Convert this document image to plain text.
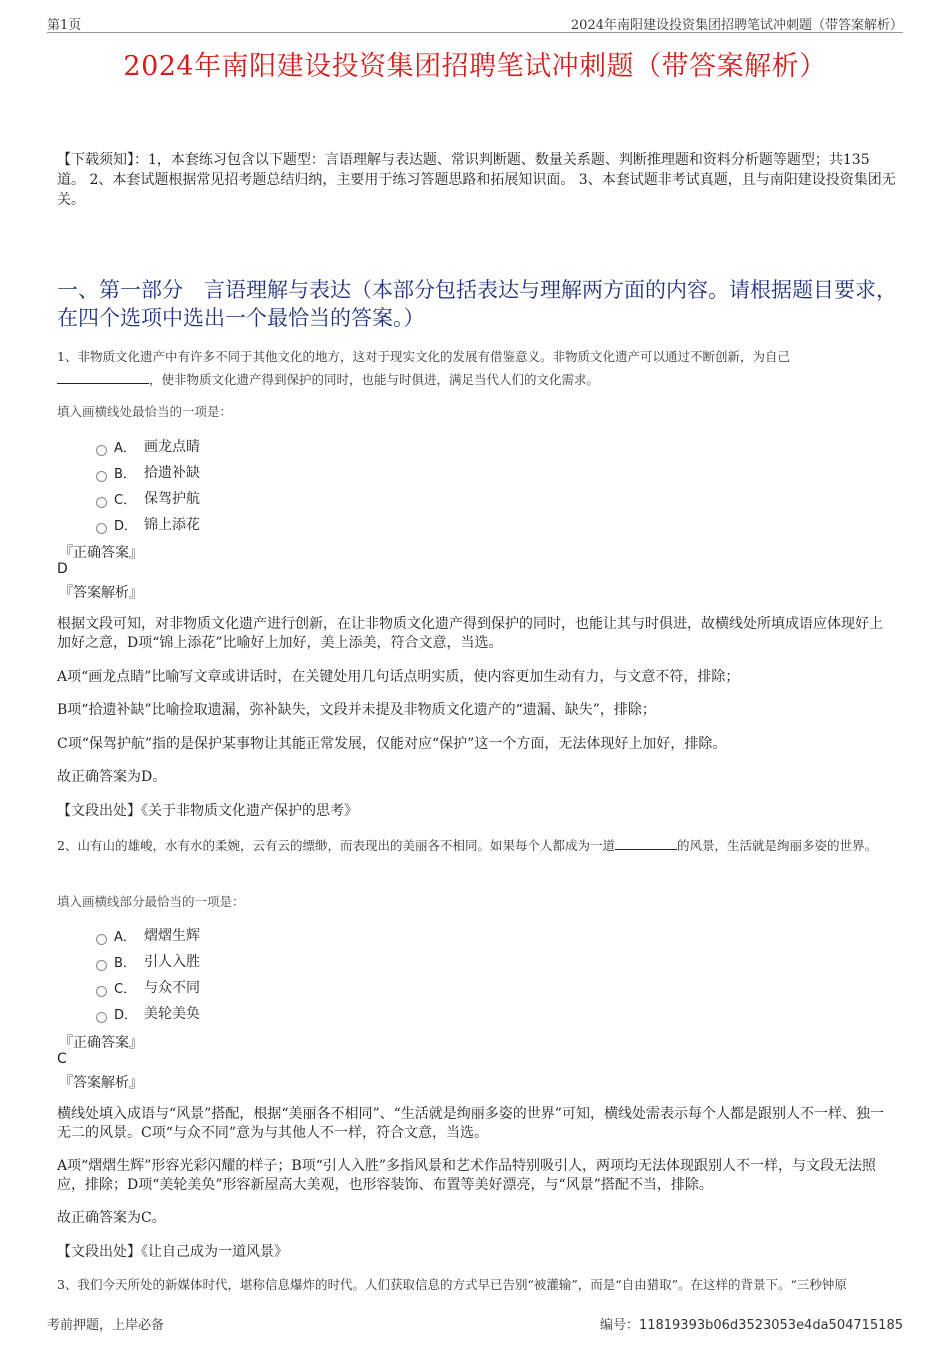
第1页	2024年南阳建设投资集团招聘笔试冲刺题（带答案解析）
2024年南阳建设投资集团招聘笔试冲刺题（带答案解析）
【下载须知】：1，本套练习包含以下题型：言语理解与表达题、常识判断题、数量关系题、判断推理题和资料分析题等题型；共135道。 2、本套试题根据常见招考题总结归纳，主要用于练习答题思路和拓展知识面。 3、本套试题非考试真题，且与南阳建设投资集团无关。
一、第一部分　言语理解与表达（本部分包括表达与理解两方面的内容。请根据题目要求，在四个选项中选出一个最恰当的答案。）
1、非物质文化遗产中有许多不同于其他文化的地方，这对于现实文化的发展有借鉴意义。非物质文化遗产可以通过不断创新，为自己
，使非物质文化遗产得到保护的同时，也能与时俱进，满足当代人们的文化需求。
填入画横线处最恰当的一项是：
A． 画龙点睛
B． 拾遗补缺
C． 保驾护航
D． 锦上添花
『正确答案』
D
『答案解析』
根据文段可知，对非物质文化遗产进行创新，在让非物质文化遗产得到保护的同时，也能让其与时俱进，故横线处所填成语应体现好上加好之意，D项“锦上添花”比喻好上加好，美上添美，符合文意，当选。
A项“画龙点睛”比喻写文章或讲话时，在关键处用几句话点明实质，使内容更加生动有力，与文意不符，排除；
B项“拾遗补缺”比喻捡取遗漏，弥补缺失，文段并未提及非物质文化遗产的“遗漏、缺失”，排除；
C项“保驾护航”指的是保护某事物让其能正常发展，仅能对应“保护”这一个方面，无法体现好上加好，排除。
故正确答案为D。
【文段出处】《关于非物质文化遗产保护的思考》
2、山有山的雄峻，水有水的柔婉，云有云的缥缈，而表现出的美丽各不相同。如果每个人都成为一道	的风景，生活就是绚丽多姿的世界。
填入画横线部分最恰当的一项是：
A． 熠熠生辉
B． 引人入胜
C． 与众不同
D． 美轮美奂
『正确答案』
C
『答案解析』
横线处填入成语与“风景”搭配，根据“美丽各不相同”、“生活就是绚丽多姿的世界”可知，横线处需表示每个人都是跟别人不一样、独一无二的风景。C项“与众不同”意为与其他人不一样，符合文意，当选。
A项“熠熠生辉”形容光彩闪耀的样子；B项“引人入胜”多指风景和艺术作品特别吸引人，两项均无法体现跟别人不一样，与文段无法照应，排除；D项“美轮美奂”形容新屋高大美观，也形容装饰、布置等美好漂亮，与“风景”搭配不当，排除。
故正确答案为C。
【文段出处】《让自己成为一道风景》
3、我们今天所处的新媒体时代，堪称信息爆炸的时代。人们获取信息的方式早已告别“被灌输”，而是“自由猎取”。在这样的背景下。“三秒钟原
考前押题，上岸必备	编号：11819393b06d3523053e4da504715185
